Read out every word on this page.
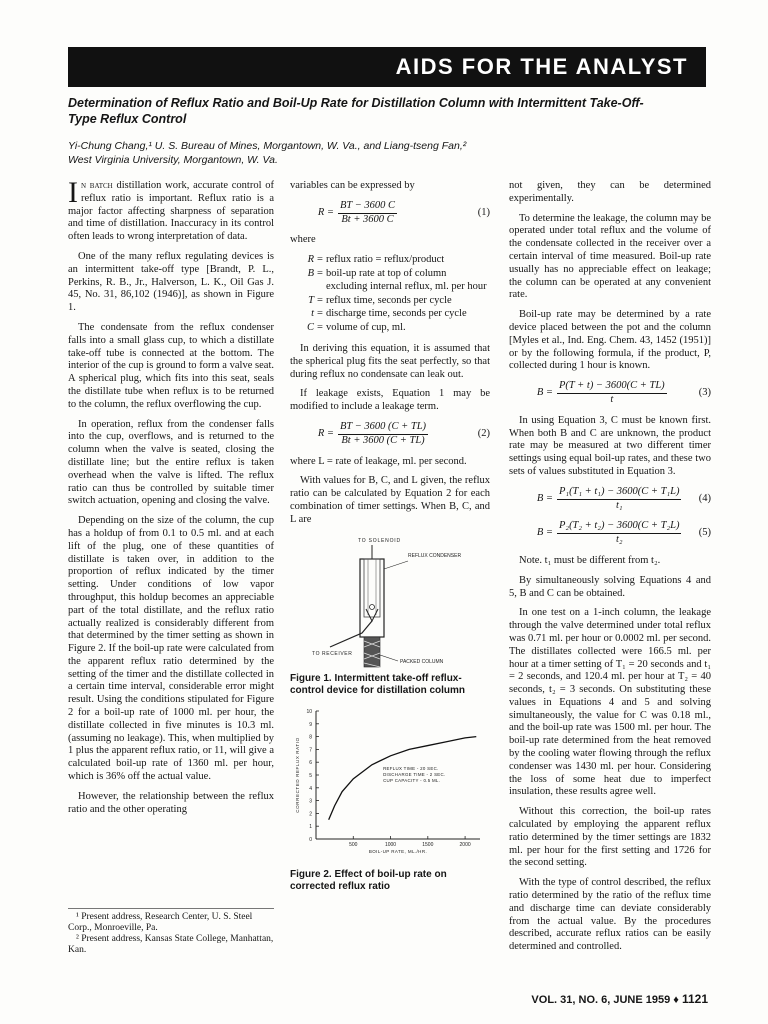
AIDS FOR THE ANALYST
Determination of Reflux Ratio and Boil-Up Rate for Distillation Column with Intermittent Take-Off-Type Reflux Control
Yi-Chung Chang,¹ U. S. Bureau of Mines, Morgantown, W. Va., and Liang-tseng Fan,²
West Virginia University, Morgantown, W. Va.

In batch distillation work, accurate control of reflux ratio is important. Reflux ratio is a major factor affecting sharpness of separation and time of distillation. Inaccuracy in its control often leads to wrong interpretation of data.

One of the many reflux regulating devices is an intermittent take-off type [Brandt, P. L., Perkins, R. B., Jr., Halverson, L. K., Oil Gas J. 45, No. 31, 86,102 (1946)], as shown in Figure 1.

The condensate from the reflux condenser falls into a small glass cup, to which a distillate take-off tube is connected at the bottom. The interior of the cup is ground to form a valve seat. A spherical plug, which fits into this seat, seals the distillate tube when reflux is to be returned to the column, the reflux overflowing the cup.

In operation, reflux from the condenser falls into the cup, overflows, and is returned to the column when the valve is seated, closing the distillate line; but the entire reflux is taken overhead when the valve is lifted. The reflux ratio can thus be controlled by suitable timer switch actuation, opening and closing the valve.

Depending on the size of the column, the cup has a holdup of from 0.1 to 0.5 ml. and at each lift of the plug, one of these quantities of distillate is taken over, in addition to the proportion of reflux indicated by the timer setting. Under conditions of low vapor throughput, this holdup becomes an appreciable part of the total distillate, and the reflux ratio actually realized is considerably different from that determined by the timer setting as shown in Figure 2. If the boil-up rate were calculated from the apparent reflux ratio determined by the setting of the timer and the distillate collected in a certain time interval, considerable error might result. Using the conditions stipulated for Figure 2 for a boil-up rate of 1000 ml. per hour, the distillate collected in five minutes is 10.3 ml. (assuming no leakage). This, when multiplied by 1 plus the apparent reflux ratio, or 11, will give a calculated boil-up rate of 1360 ml. per hour, which is 36% off the actual value.

However, the relationship between the reflux ratio and the other operating

¹ Present address, Research Center, U. S. Steel Corp., Monroeville, Pa.
² Present address, Kansas State College, Manhattan, Kan.

variables can be expressed by

$R = \frac{BT - 3600 C}{Bt + 3600 C}$	(1)

where

R = reflux ratio = reflux/product
B = boil-up rate at top of column excluding internal reflux, ml. per hour
T = reflux time, seconds per cycle
t = discharge time, seconds per cycle
C = volume of cup, ml.

In deriving this equation, it is assumed that the spherical plug fits the seat perfectly, so that during reflux no condensate can leak out.

If leakage exists, Equation 1 may be modified to include a leakage term.

$R = \frac{BT - 3600 (C + TL)}{Bt + 3600 (C + TL)}$	(2)

where L = rate of leakage, ml. per second.

With values for B, C, and L given, the reflux ratio can be calculated by Equation 2 for each combination of timer settings. When B, C, and L are

TO SOLENOID
REFLUX CONDENSER
TO RECEIVER
PACKED COLUMN
Figure 1. Intermittent take-off reflux-control device for distillation column
0
1
2
3
4
5
6
7
8
9
10
500	1000	1500	2000
BOIL-UP RATE, ML./HR.
CORRECTED REFLUX RATIO	REFLUX TIME - 20 SEC.
DISCHARGE TIME - 2 SEC.
CUP CAPACITY - 0.5 ML.
Figure 2. Effect of boil-up rate on corrected reflux ratio

not given, they can be determined experimentally.

To determine the leakage, the column may be operated under total reflux and the volume of the condensate collected in the receiver over a certain interval of time measured. Boil-up rate usually has no appreciable effect on leakage; the column can be operated at any convenient rate.

Boil-up rate may be determined by a rate device placed between the pot and the column [Myles et al., Ind. Eng. Chem. 43, 1452 (1951)] or by the following formula, if the product, P, collected during 1 hour is known.

$B = \frac{P(T + t) - 3600(C + TL)}{t}$	(3)

In using Equation 3, C must be known first. When both B and C are unknown, the product rate may be measured at two different timer settings using equal boil-up rates, and these two sets of values substituted in Equation 3.

$B = \frac{\text{P₁(T₁ + t₁) − 3600(C + T₁L)}}{\text{t₁}} (4)$
$B = \frac{\text{P₂(T₂ + t₂) − 3600(C + T₂L)}}{\text{t₂}} (5)$

Note. t₁ must be different from t₂.

By simultaneously solving Equations 4 and 5, B and C can be obtained.

In one test on a 1-inch column, the leakage through the valve determined under total reflux was 0.71 ml. per hour or 0.0002 ml. per second. The distillates collected were 166.5 ml. per hour at a timer setting of T₁ = 20 seconds and t₁ = 2 seconds, and 120.4 ml. per hour at T₂ = 40 seconds, t₂ = 3 seconds. On substituting these values in Equations 4 and 5 and solving simultaneously, the value for C was 0.18 ml., and the boil-up rate was 1500 ml. per hour. The boil-up rate determined from the heat removed by the cooling water flowing through the reflux condenser was 1430 ml. per hour. Considering the loss of some heat due to imperfect insulation, these results agree well.

Without this correction, the boil-up rates calculated by employing the apparent reflux ratio determined by the timer settings are 1832 ml. per hour for the first setting and 1726 for the second setting.

With the type of control described, the reflux ratio determined by the ratio of the reflux time and discharge time can deviate considerably from the actual value. By the procedures described, accurate reflux ratios can be easily determined and controlled.

VOL. 31, NO. 6, JUNE 1959 ♦ 1121
